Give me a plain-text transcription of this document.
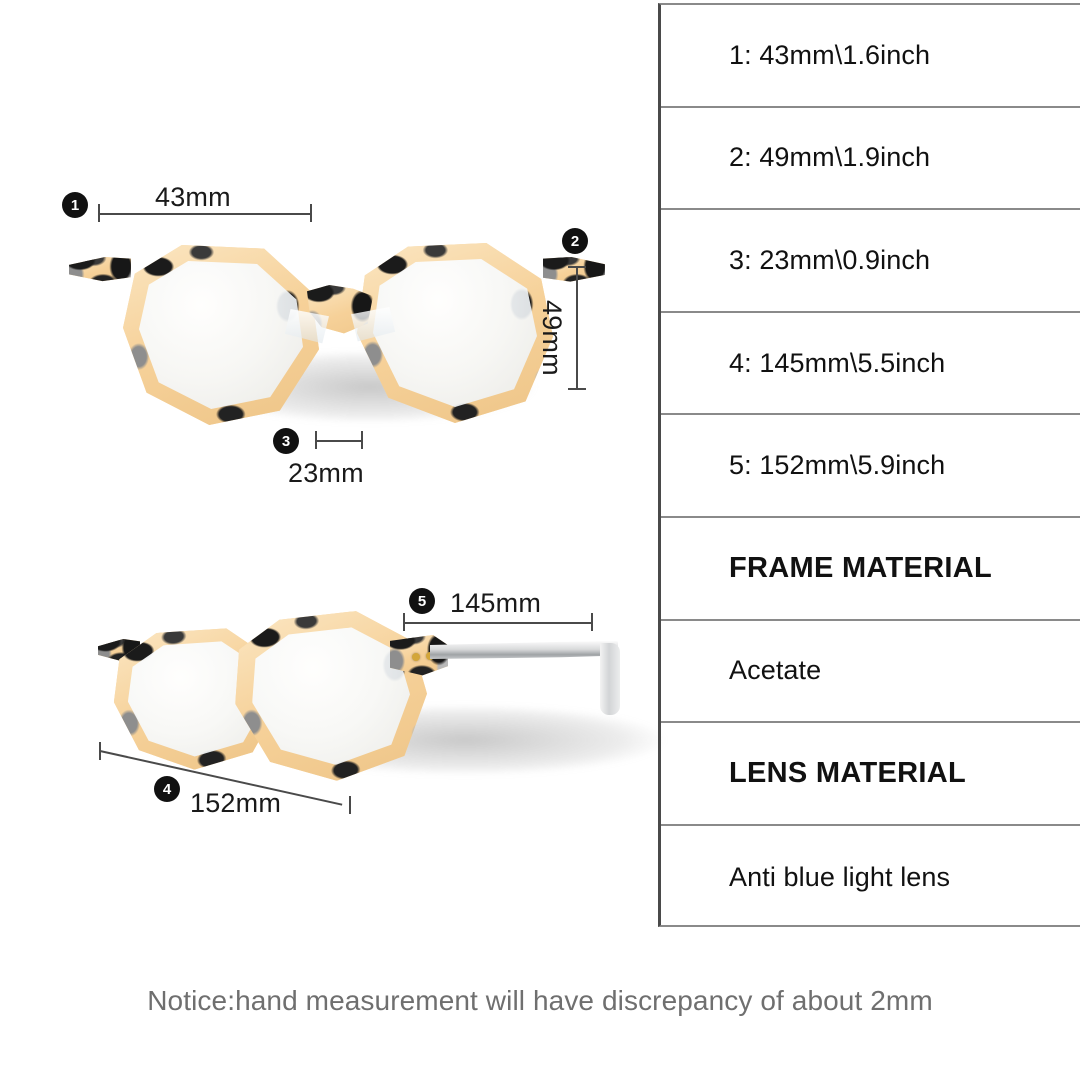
1	43mm
2
49mm
3
23mm
5 145mm
4 152mm
1: 43mm\1.6inch
2: 49mm\1.9inch
3: 23mm\0.9inch
4: 145mm\5.5inch
5: 152mm\5.9inch
FRAME MATERIAL
Acetate
LENS MATERIAL
Anti blue light lens
Notice:hand measurement will have discrepancy of about 2mm
